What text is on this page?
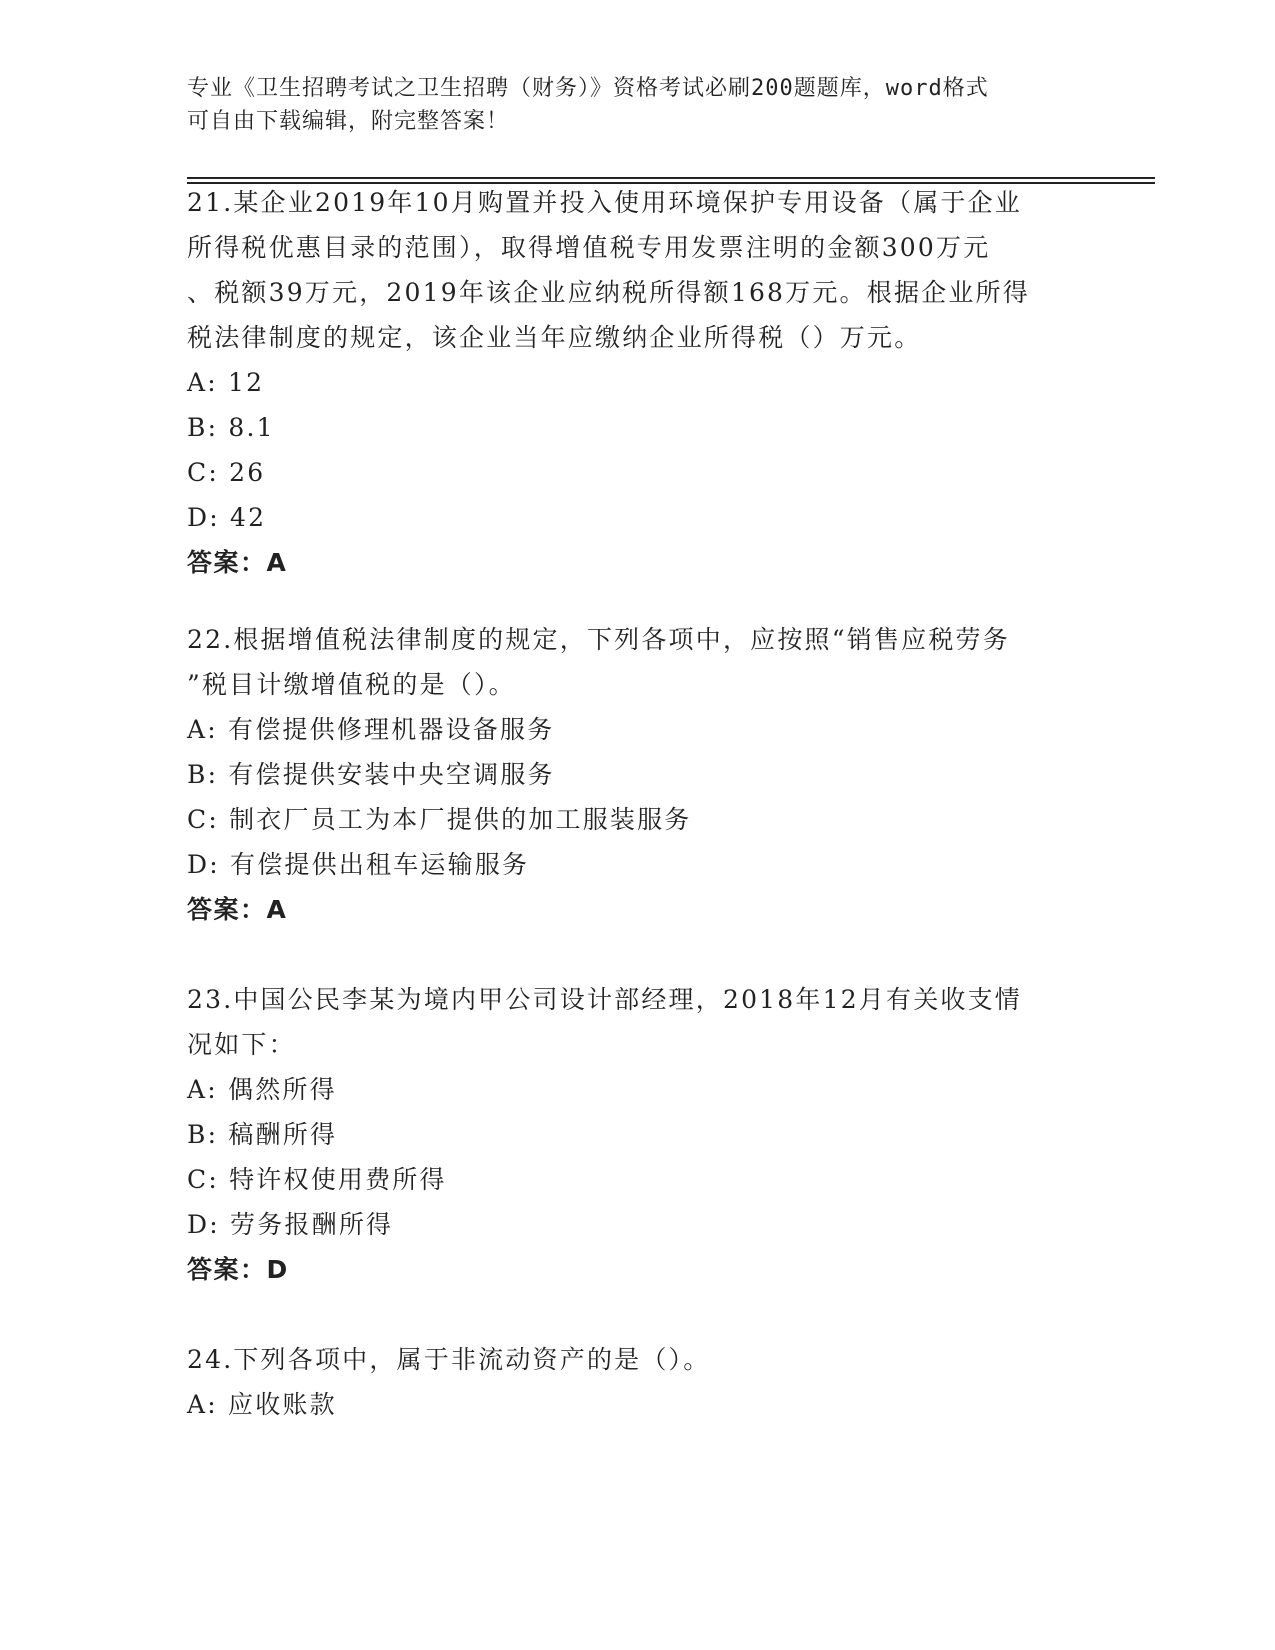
专业《卫生招聘考试之卫生招聘（财务）》资格考试必刷200题题库，word格式
可自由下载编辑，附完整答案！
21.某企业2019年10月购置并投入使用环境保护专用设备（属于企业
所得税优惠目录的范围），取得增值税专用发票注明的金额300万元
、税额39万元，2019年该企业应纳税所得额168万元。根据企业所得
税法律制度的规定，该企业当年应缴纳企业所得税（）万元。
A: 12
B: 8.1
C: 26
D: 42
答案：A
22.根据增值税法律制度的规定，下列各项中，应按照“销售应税劳务
”税目计缴增值税的是（）。
A: 有偿提供修理机器设备服务
B: 有偿提供安装中央空调服务
C: 制衣厂员工为本厂提供的加工服装服务
D: 有偿提供出租车运输服务
答案：A
23.中国公民李某为境内甲公司设计部经理，2018年12月有关收支情
况如下：
A: 偶然所得
B: 稿酬所得
C: 特许权使用费所得
D: 劳务报酬所得
答案：D
24.下列各项中，属于非流动资产的是（）。
A: 应收账款
